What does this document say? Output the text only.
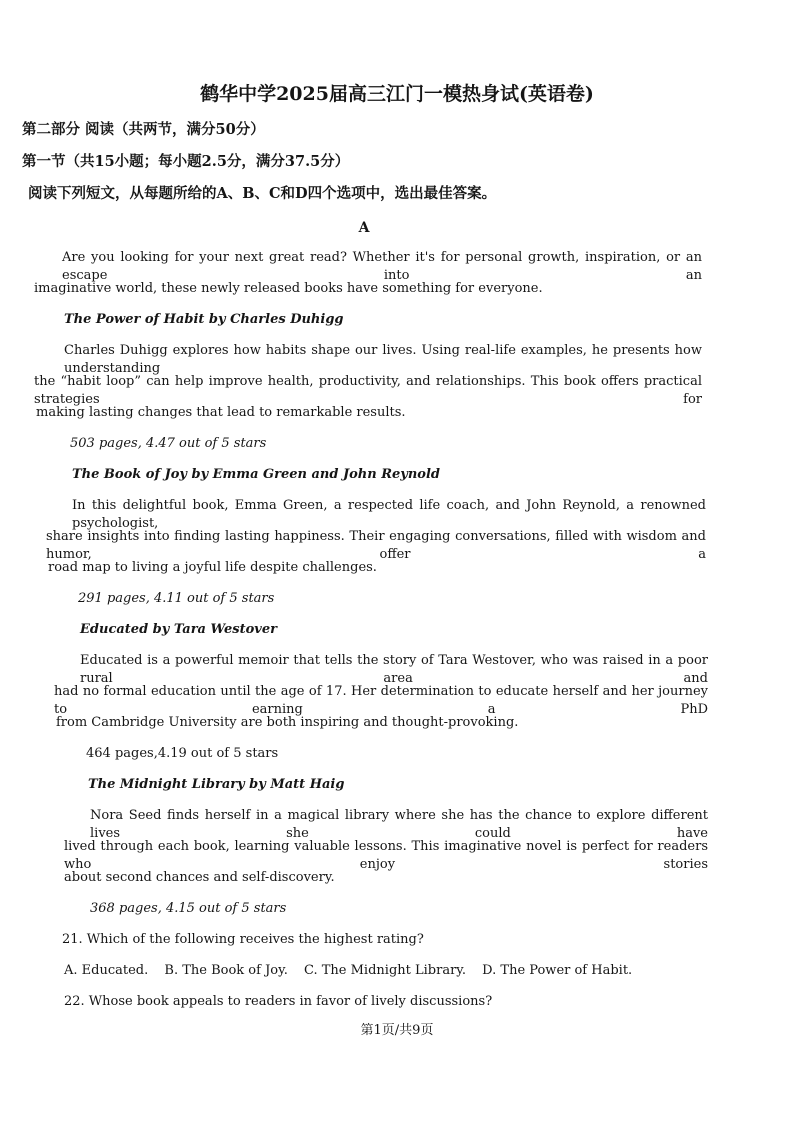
鹤华中学2025届高三江门一模热身试(英语卷)
第二部分 阅读（共两节，满分50分）
第一节（共15小题；每小题2.5分，满分37.5分）
阅读下列短文，从每题所给的A、B、C和D四个选项中，选出最佳答案。
A
Are you looking for your next great read? Whether it's for personal growth, inspiration, or an escape into an
imaginative world, these newly released books have something for everyone.
The Power of Habit by Charles Duhigg
Charles Duhigg explores how habits shape our lives. Using real-life examples, he presents how understanding
the “habit loop” can help improve health, productivity, and relationships. This book offers practical strategies for
making lasting changes that lead to remarkable results.
503 pages, 4.47 out of 5 stars
The Book of Joy by Emma Green and John Reynold
In this delightful book, Emma Green, a respected life coach, and John Reynold, a renowned psychologist,
share insights into finding lasting happiness. Their engaging conversations, filled with wisdom and humor, offer a
road map to living a joyful life despite challenges.
291 pages, 4.11 out of 5 stars
Educated by Tara Westover
Educated is a powerful memoir that tells the story of Tara Westover, who was raised in a poor rural area and
had no formal education until the age of 17. Her determination to educate herself and her journey to earning a PhD
from Cambridge University are both inspiring and thought-provoking.
464 pages,4.19 out of 5 stars
The Midnight Library by Matt Haig
Nora Seed finds herself in a magical library where she has the chance to explore different lives she could have
lived through each book, learning valuable lessons. This imaginative novel is perfect for readers who enjoy stories
about second chances and self-discovery.
368 pages, 4.15 out of 5 stars
21. Which of the following receives the highest rating?
A. Educated. B. The Book of Joy. C. The Midnight Library. D. The Power of Habit.
22. Whose book appeals to readers in favor of lively discussions?
第1页/共9页
